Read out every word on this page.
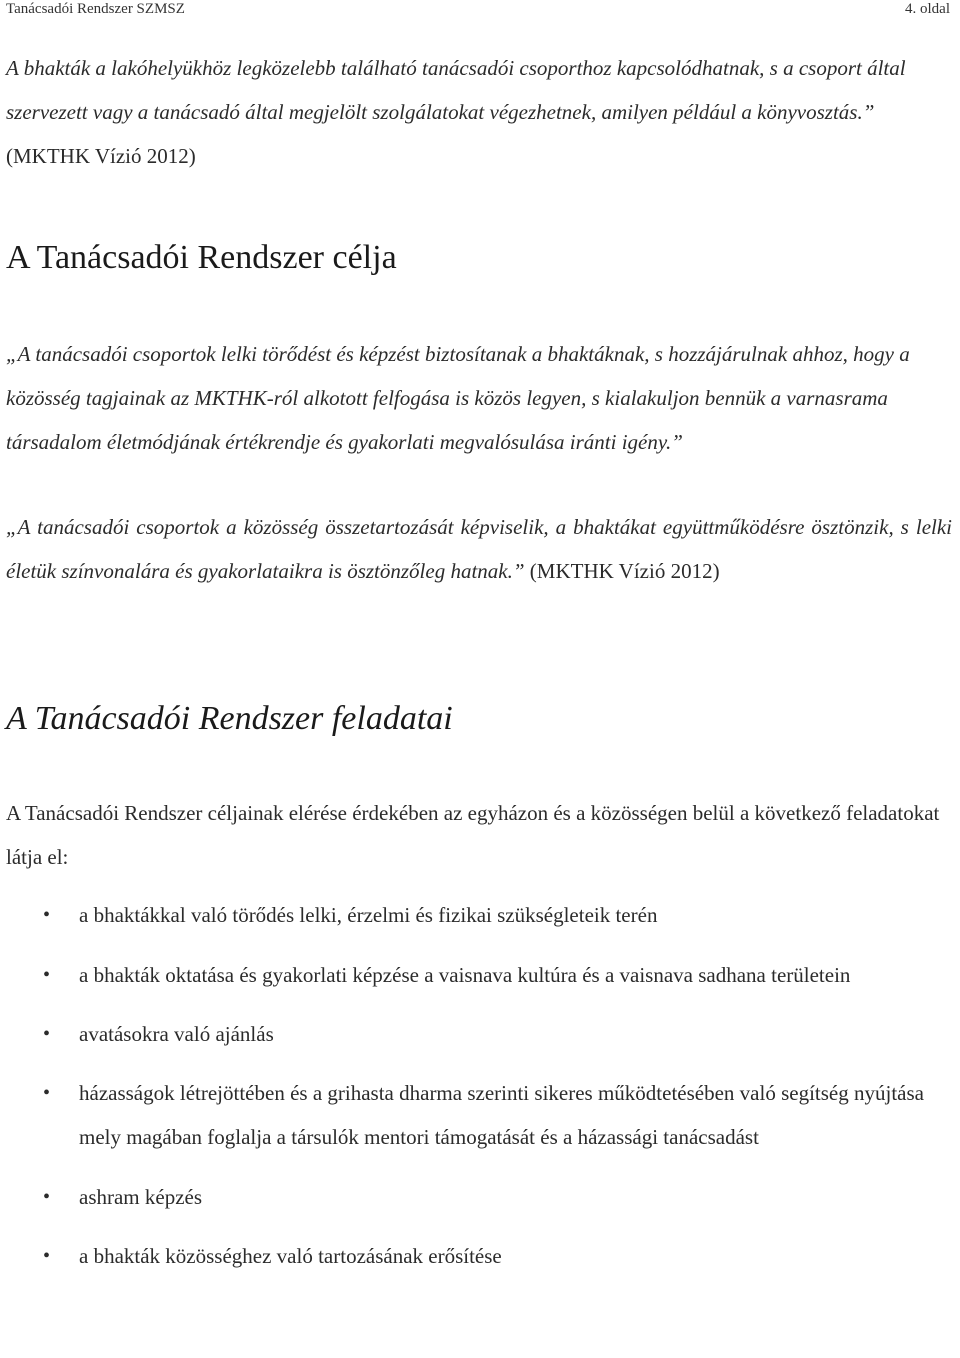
Tanácsadói Rendszer SZMSZ	4. oldal

A bhakták a lakóhelyükhöz legközelebb található tanácsadói csoporthoz kapcsolódhatnak, s a csoport által szervezett vagy a tanácsadó által megjelölt szolgálatokat végezhetnek, amilyen például a könyvosztás.” (MKTHK Vízió 2012)

A Tanácsadói Rendszer célja

„A tanácsadói csoportok lelki törődést és képzést biztosítanak a bhaktáknak, s hozzájárulnak ahhoz, hogy a közösség tagjainak az MKTHK-ról alkotott felfogása is közös legyen, s kialakuljon bennük a varnasrama társadalom életmódjának értékrendje és gyakorlati megvalósulása iránti igény.”

„A tanácsadói csoportok a közösség összetartozását képviselik, a bhaktákat együttműködésre ösztönzik, s lelki életük színvonalára és gyakorlataikra is ösztönzőleg hatnak.” (MKTHK Vízió 2012)

A Tanácsadói Rendszer feladatai

A Tanácsadói Rendszer céljainak elérése érdekében az egyházon és a közösségen belül a következő feladatokat látja el:

• a bhaktákkal való törődés lelki, érzelmi és fizikai szükségleteik terén
• a bhakták oktatása és gyakorlati képzése a vaisnava kultúra és a vaisnava sadhana területein
• avatásokra való ajánlás
• házasságok létrejöttében és a grihasta dharma szerinti sikeres működtetésében való segítség nyújtása mely magában foglalja a társulók mentori támogatását és a házassági tanácsadást
• ashram képzés
• a bhakták közösséghez való tartozásának erősítése
